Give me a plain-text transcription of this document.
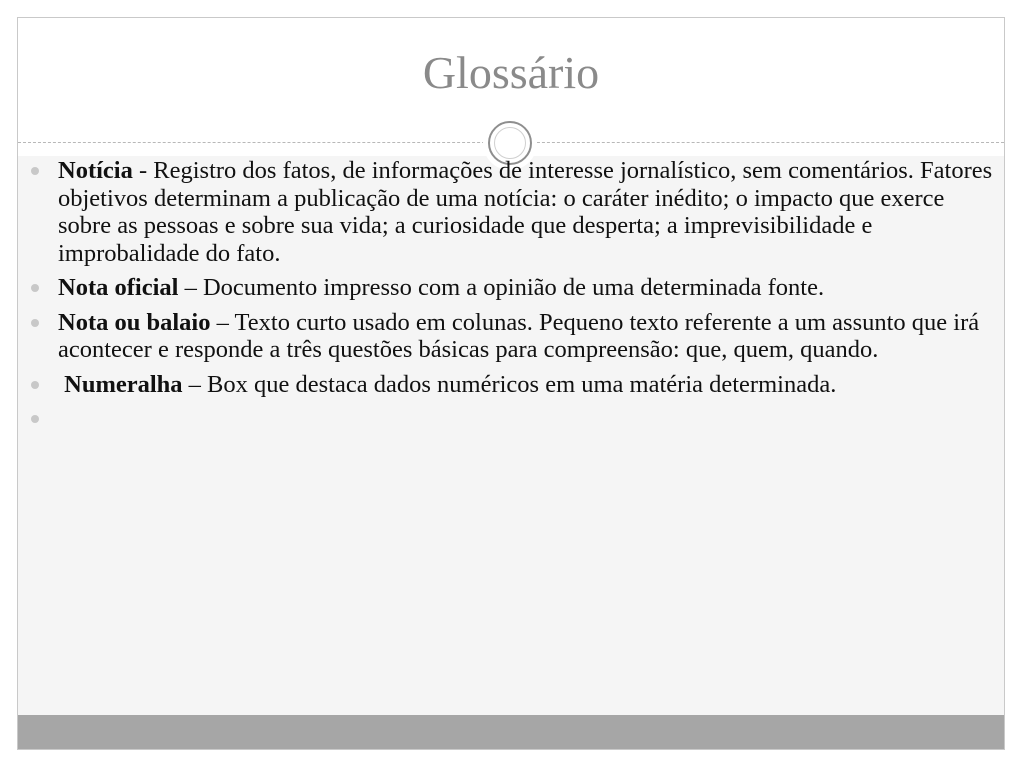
Glossário
Notícia - Registro dos fatos, de informações de interesse jornalístico, sem comentários. Fatores objetivos determinam a publicação de uma notícia: o caráter inédito; o impacto que exerce sobre as pessoas e sobre sua vida; a curiosidade que desperta; a imprevisibilidade e improbalidade do fato.
Nota oficial – Documento impresso com a opinião de uma determinada fonte.
Nota ou balaio – Texto curto usado em colunas. Pequeno texto referente a um assunto que irá acontecer e responde a três questões básicas para compreensão: que, quem, quando.
Numeralha – Box que destaca dados numéricos em uma matéria determinada.
